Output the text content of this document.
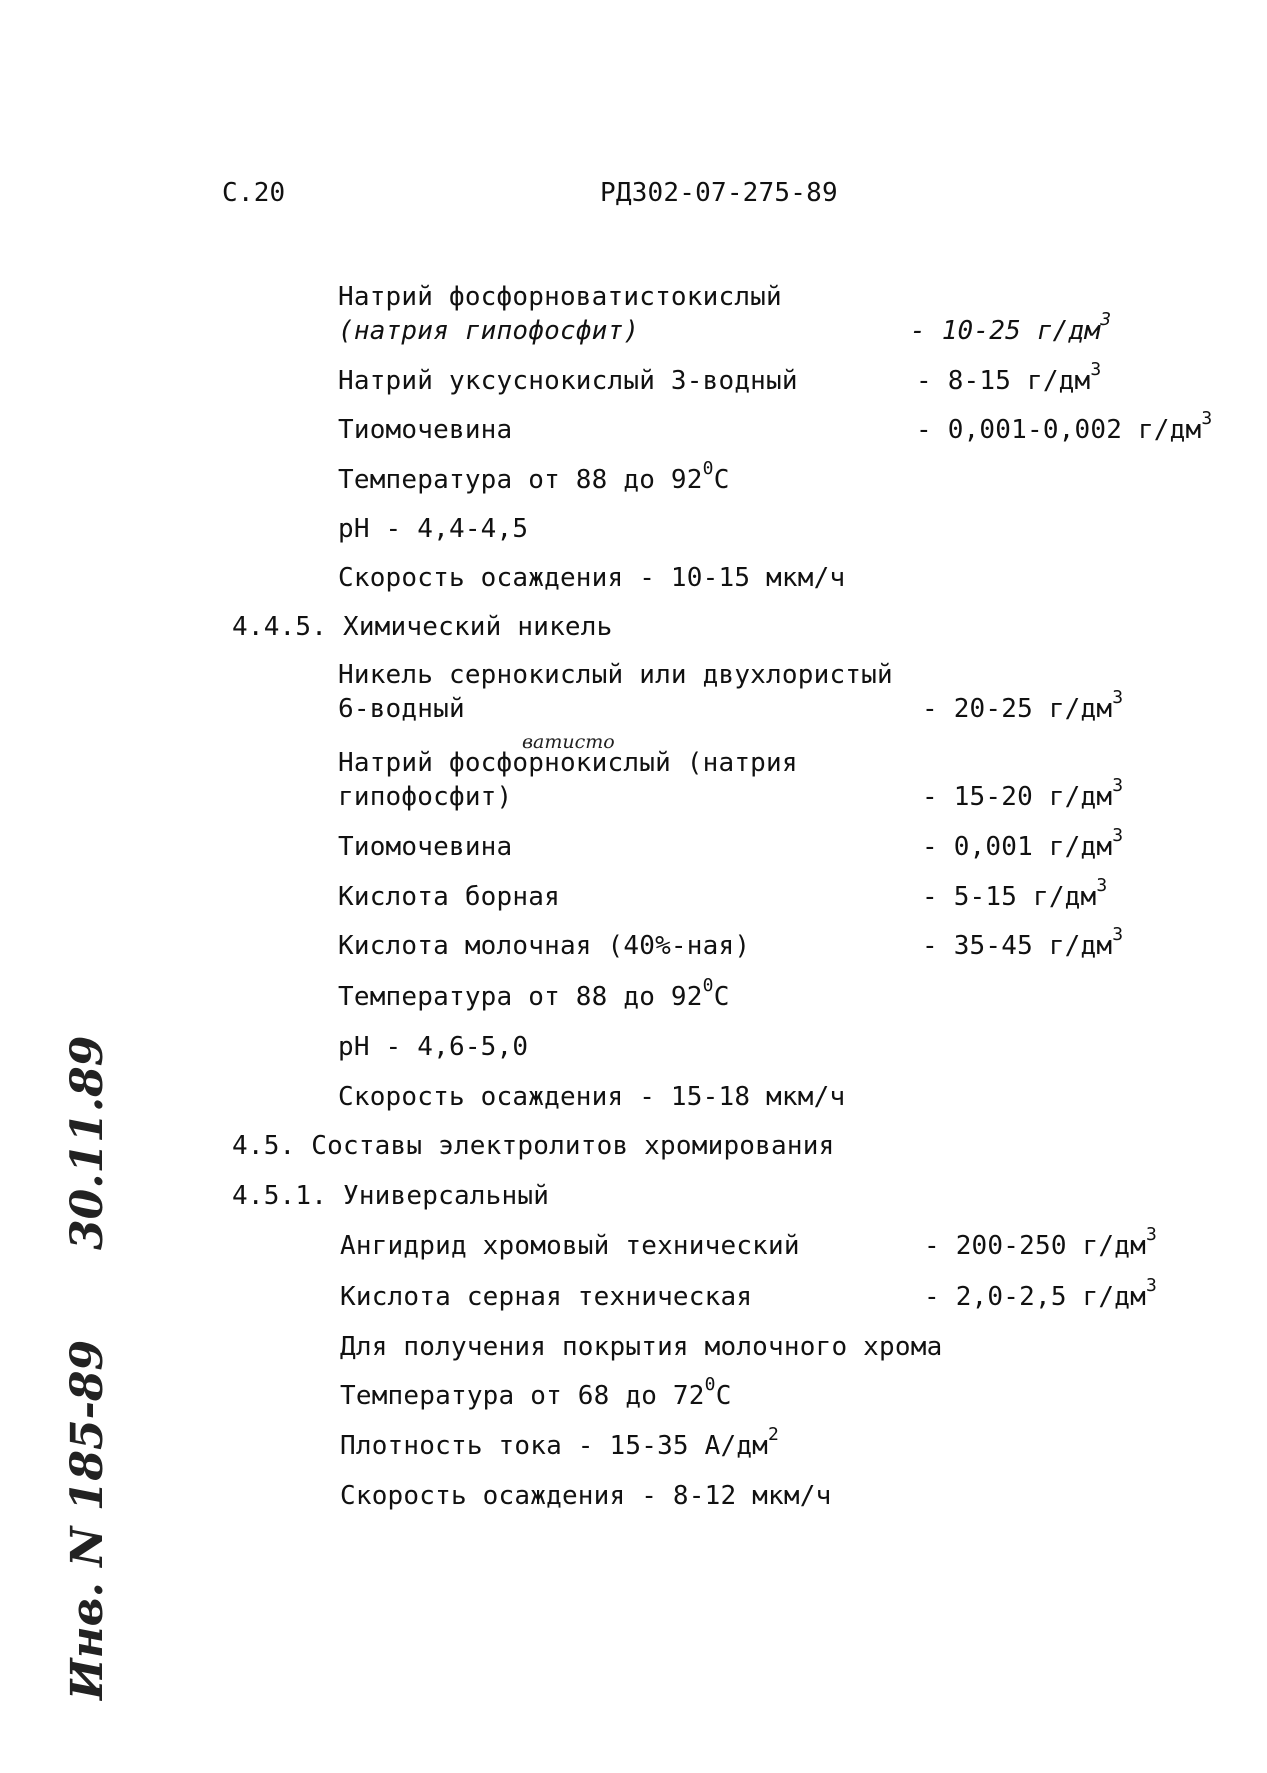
С.20	РД302-07-275-89
Натрий фосфорноватистокислый
(натрия гипофосфит)	- 10-25 $г/дм^3$
Натрий уксуснокислый 3-водный	- 8-15 $г/дм^3$
Тиомочевина	- 0,001-0,002 $г/дм^3$
Температура от 88 до $92^0С$
pH - 4,4-4,5
Скорость осаждения - 10-15 мкм/ч
4.4.5. Химический никель
Никель сернокислый или двухлористый
6-водный	- 20-25 $г/дм^3$
ватисто
Натрий фосфорнокислый (натрия
гипофосфит)	- 15-20 $г/дм^3$
Тиомочевина	- 0,001 $г/дм^3$
Кислота борная	- 5-15 $г/дм^3$
Кислота молочная (40%-ная)	- 35-45 $г/дм^3$
Температура от 88 до $92^0С$
pH - 4,6-5,0
Скорость осаждения - 15-18 мкм/ч
4.5. Составы электролитов хромирования
4.5.1. Универсальный
Ангидрид хромовый технический	- 200-250 $г/дм^3$
Кислота серная техническая	- 2,0-2,5 $г/дм^3$
Для получения покрытия молочного хрома
Температура от 68 до $72^0С$
Плотность тока - 15-35 $А/дм^2$
Скорость осаждения - 8-12 мкм/ч
30.11.89
Инв. N 185-89
